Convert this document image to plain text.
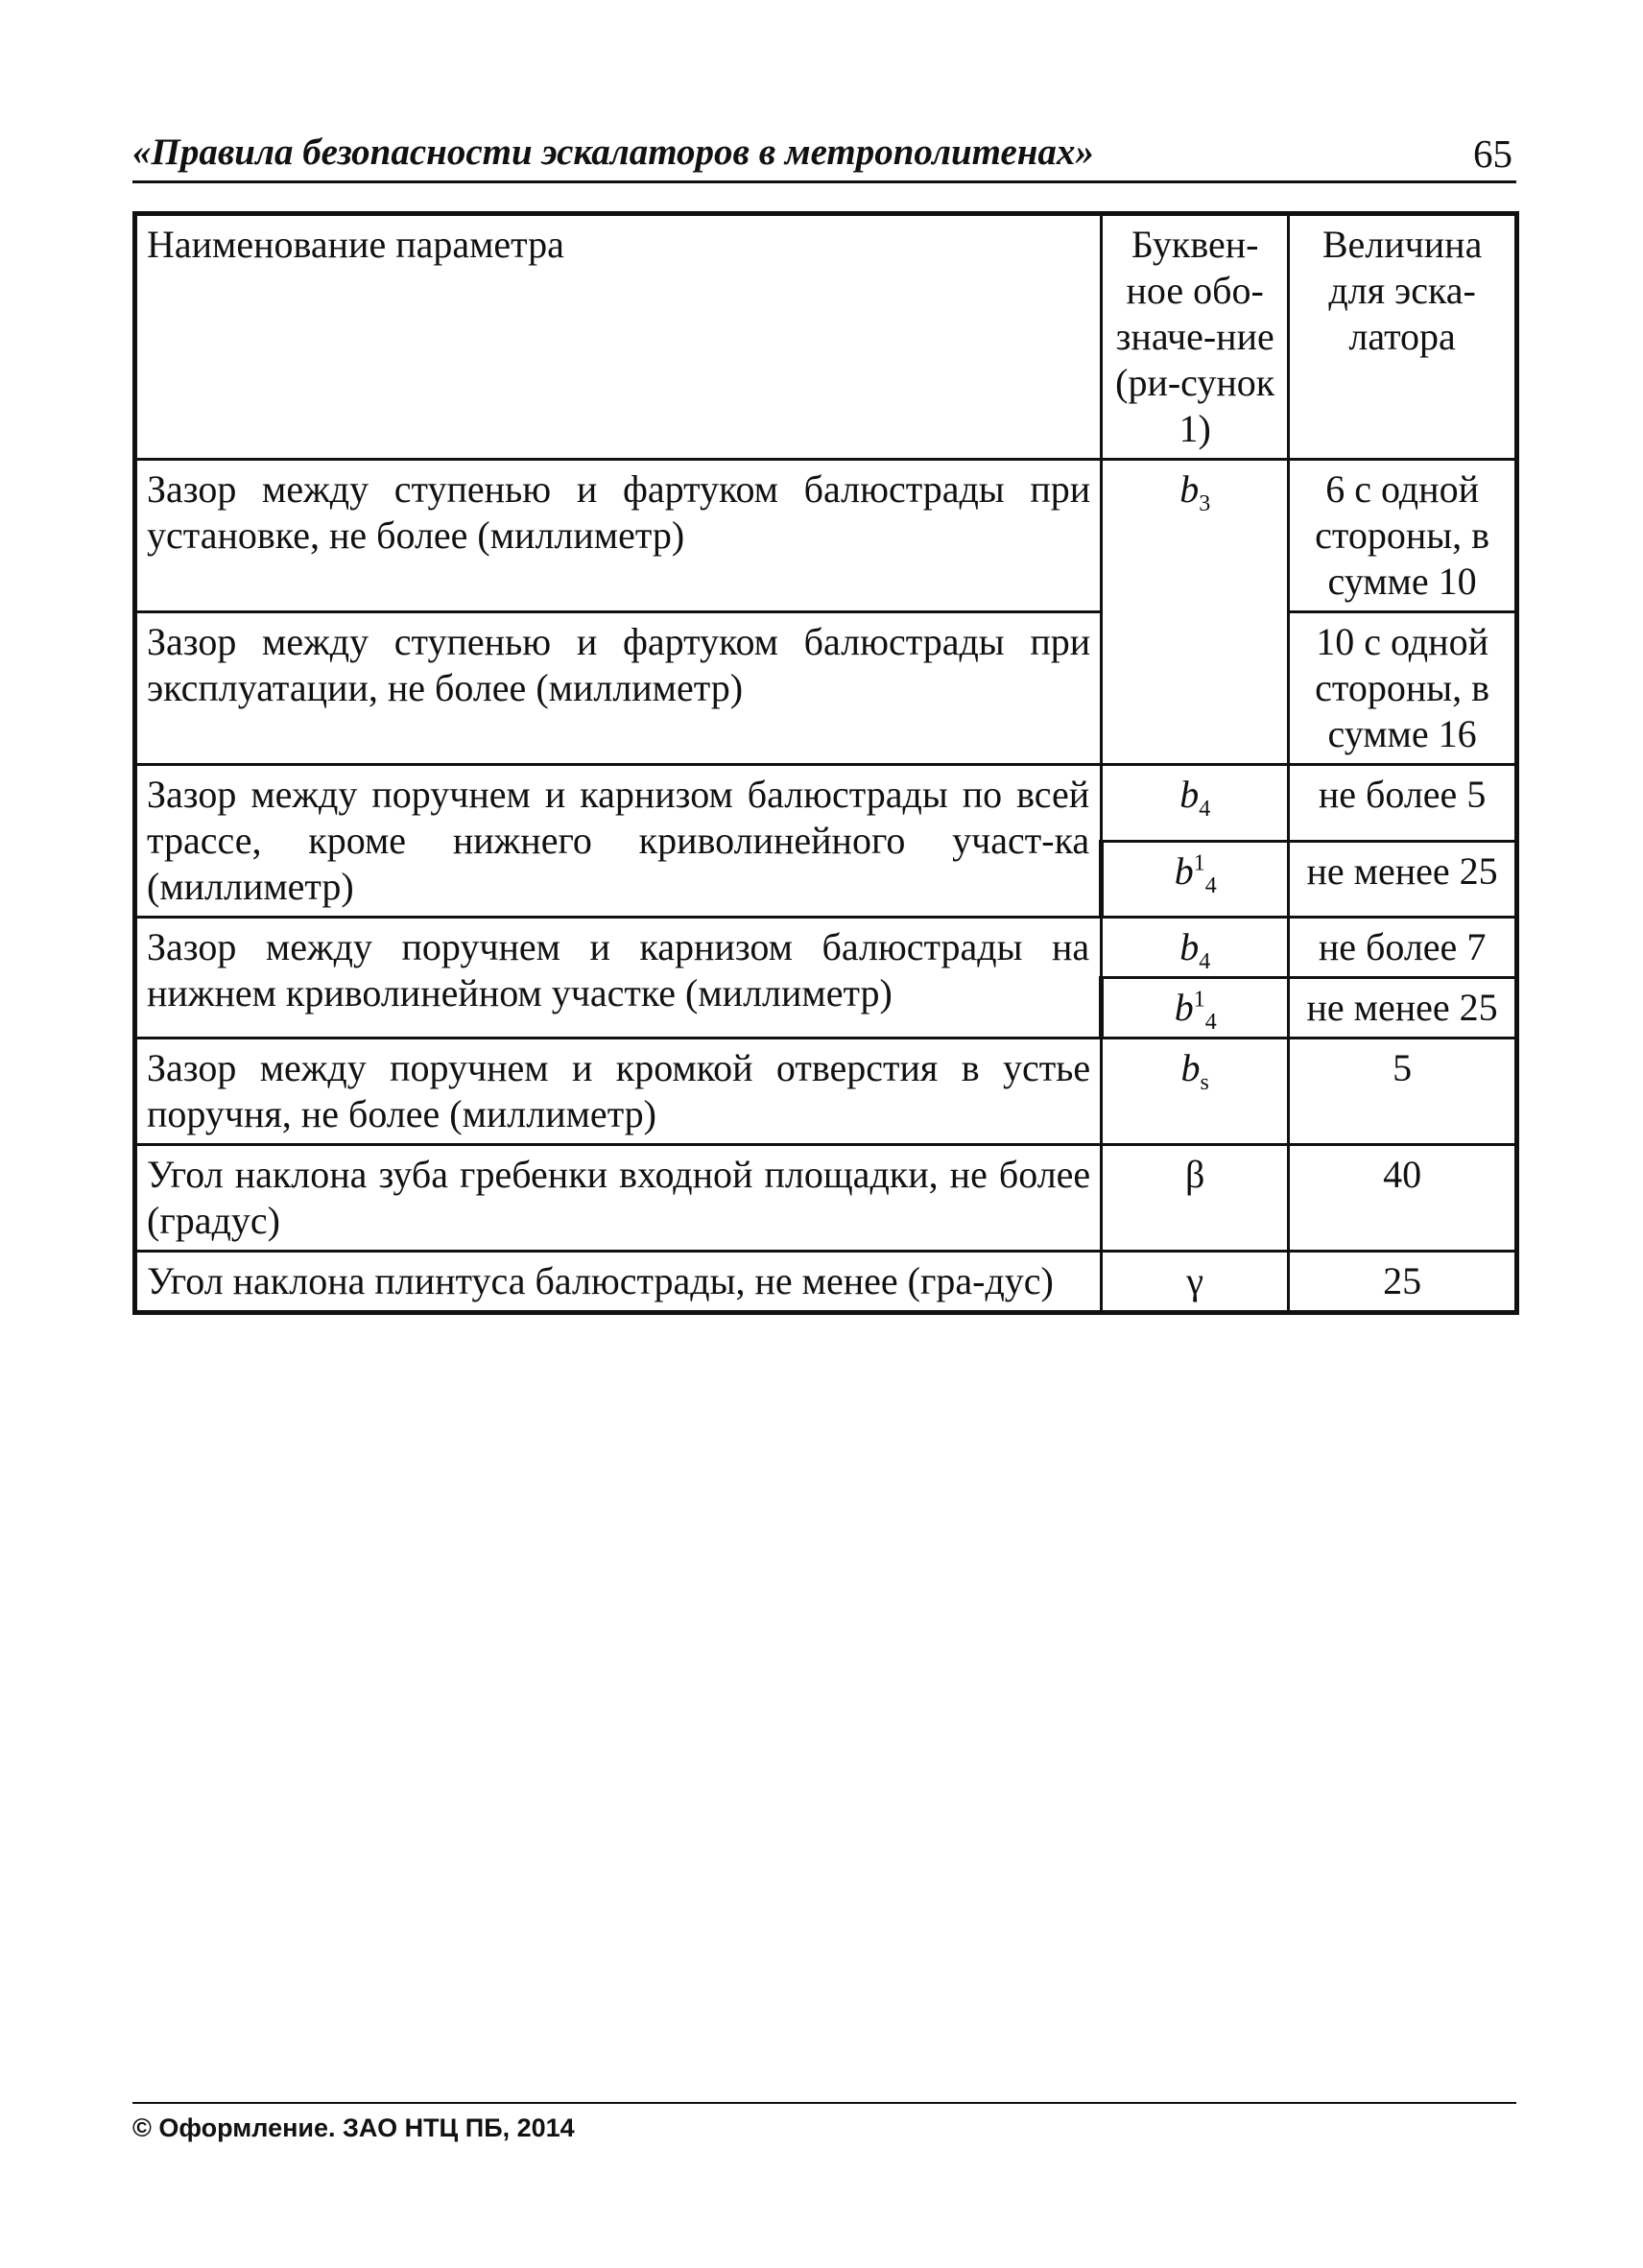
«Правила безопасности эскалаторов в метрополитенах»	65
Наименование параметра	Буквен-ное обо-значе-ние (ри-сунок 1)	Величина для эска-латора
Зазор между ступенью и фартуком балюстрады при установке, не более (миллиметр)	$b_3$	6 с одной стороны, в сумме 10
Зазор между ступенью и фартуком балюстрады при эксплуатации, не более (миллиметр)		10 с одной стороны, в сумме 16
Зазор между поручнем и карнизом балюстрады по всей трассе, кроме нижнего криволинейного участ-ка (миллиметр)	$b_4$	не более 5
	$b^1_4$	не менее 25
Зазор между поручнем и карнизом балюстрады на нижнем криволинейном участке (миллиметр)	$b_4$	не более 7
	$b^1_4$	не менее 25
Зазор между поручнем и кромкой отверстия в устье поручня, не более (миллиметр)	$b_s$	5
Угол наклона зуба гребенки входной площадки, не более (градус)	β	40
Угол наклона плинтуса балюстрады, не менее (гра-дус)	γ	25
© Оформление. ЗАО НТЦ ПБ, 2014
